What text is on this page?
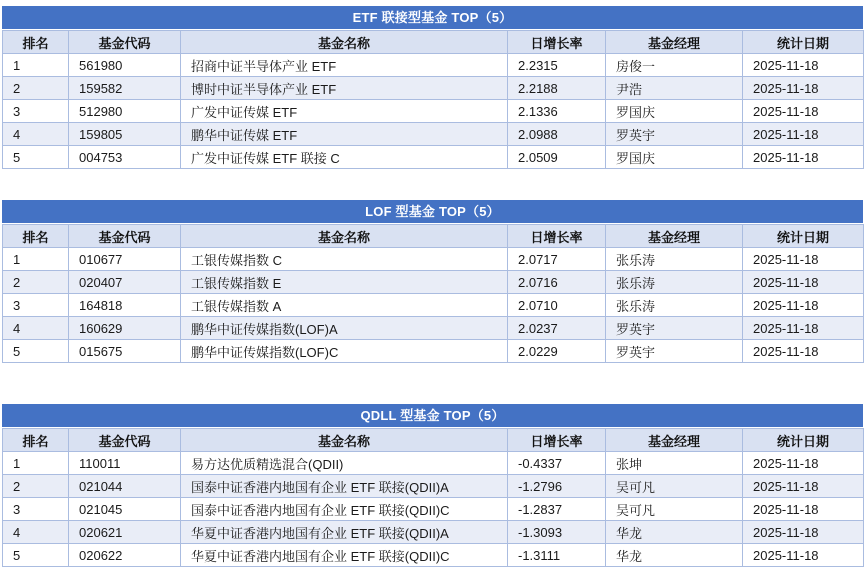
ETF 联接型基金 TOP（5）
排名	基金代码	基金名称	日增长率	基金经理	统计日期
1	561980	招商中证半导体产业 ETF	2.2315	房俊一	2025-11-18
2	159582	博时中证半导体产业 ETF	2.2188	尹浩	2025-11-18
3	512980	广发中证传媒 ETF	2.1336	罗国庆	2025-11-18
4	159805	鹏华中证传媒 ETF	2.0988	罗英宇	2025-11-18
5	004753	广发中证传媒 ETF 联接 C	2.0509	罗国庆	2025-11-18
LOF 型基金 TOP（5）
排名	基金代码	基金名称	日增长率	基金经理	统计日期
1	010677	工银传媒指数 C	2.0717	张乐涛	2025-11-18
2	020407	工银传媒指数 E	2.0716	张乐涛	2025-11-18
3	164818	工银传媒指数 A	2.0710	张乐涛	2025-11-18
4	160629	鹏华中证传媒指数(LOF)A	2.0237	罗英宇	2025-11-18
5	015675	鹏华中证传媒指数(LOF)C	2.0229	罗英宇	2025-11-18
QDLL 型基金 TOP（5）
排名	基金代码	基金名称	日增长率	基金经理	统计日期
1	110011	易方达优质精选混合(QDII)	-0.4337	张坤	2025-11-18
2	021044	国泰中证香港内地国有企业 ETF 联接(QDII)A	-1.2796	吴可凡	2025-11-18
3	021045	国泰中证香港内地国有企业 ETF 联接(QDII)C	-1.2837	吴可凡	2025-11-18
4	020621	华夏中证香港内地国有企业 ETF 联接(QDII)A	-1.3093	华龙	2025-11-18
5	020622	华夏中证香港内地国有企业 ETF 联接(QDII)C	-1.3111	华龙	2025-11-18
